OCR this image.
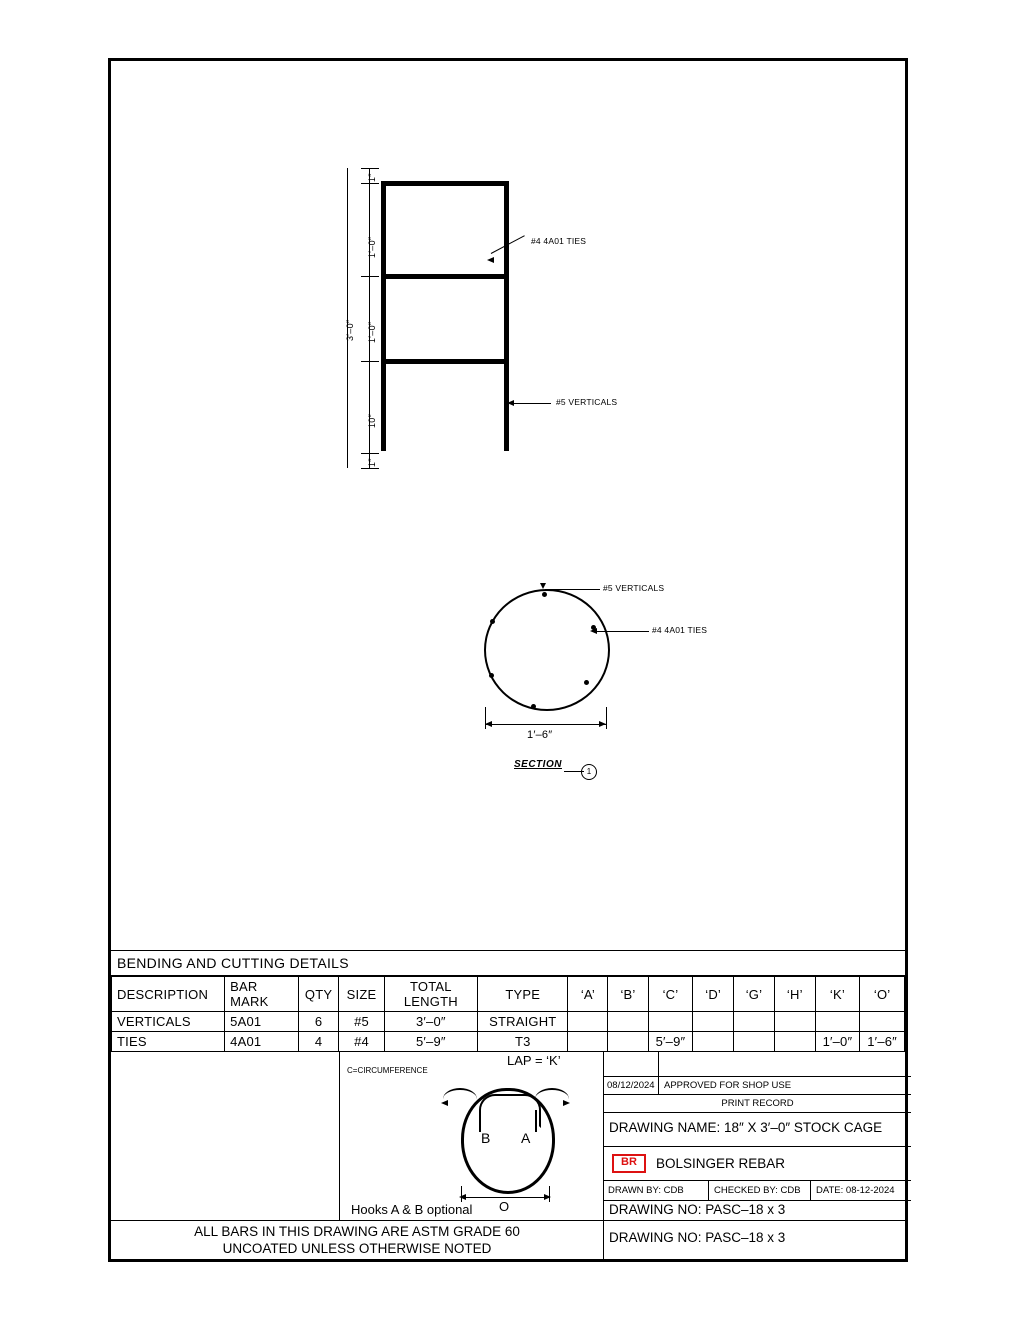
#4 4A01 TIES
#5 VERTICALS
1″
1′–0″
1′–0″
10″
1″
3′–0″
#5 VERTICALS
#4 4A01 TIES
1′–6″
SECTION
1
BENDING AND CUTTING DETAILS
DESCRIPTION	BAR MARK	QTY	SIZE	TOTAL LENGTH	TYPE	‘A’	‘B’	‘C’	‘D’	‘G’	‘H’	‘K’	‘O’
VERTICALS	5A01	6	#5	3′–0″	STRAIGHT								
TIES	4A01	4	#4	5′–9″	T3			5′–9″				1′–0″	1′–6″
C=CIRCUMFERENCE
LAP = ‘K’
B A
O
Hooks A & B optional
08/12/2024 APPROVED FOR SHOP USE
PRINT RECORD
DRAWING NAME: 18″ X 3′–0″ STOCK CAGE
BR	BOLSINGER REBAR
DRAWN BY: CDB	CHECKED BY: CDB DATE: 08-12-2024
DRAWING NO: PASC–18 x 3
ALL BARS IN THIS DRAWING ARE ASTM GRADE 60
UNCOATED UNLESS OTHERWISE NOTED
DRAWING NO: PASC–18 x 3
